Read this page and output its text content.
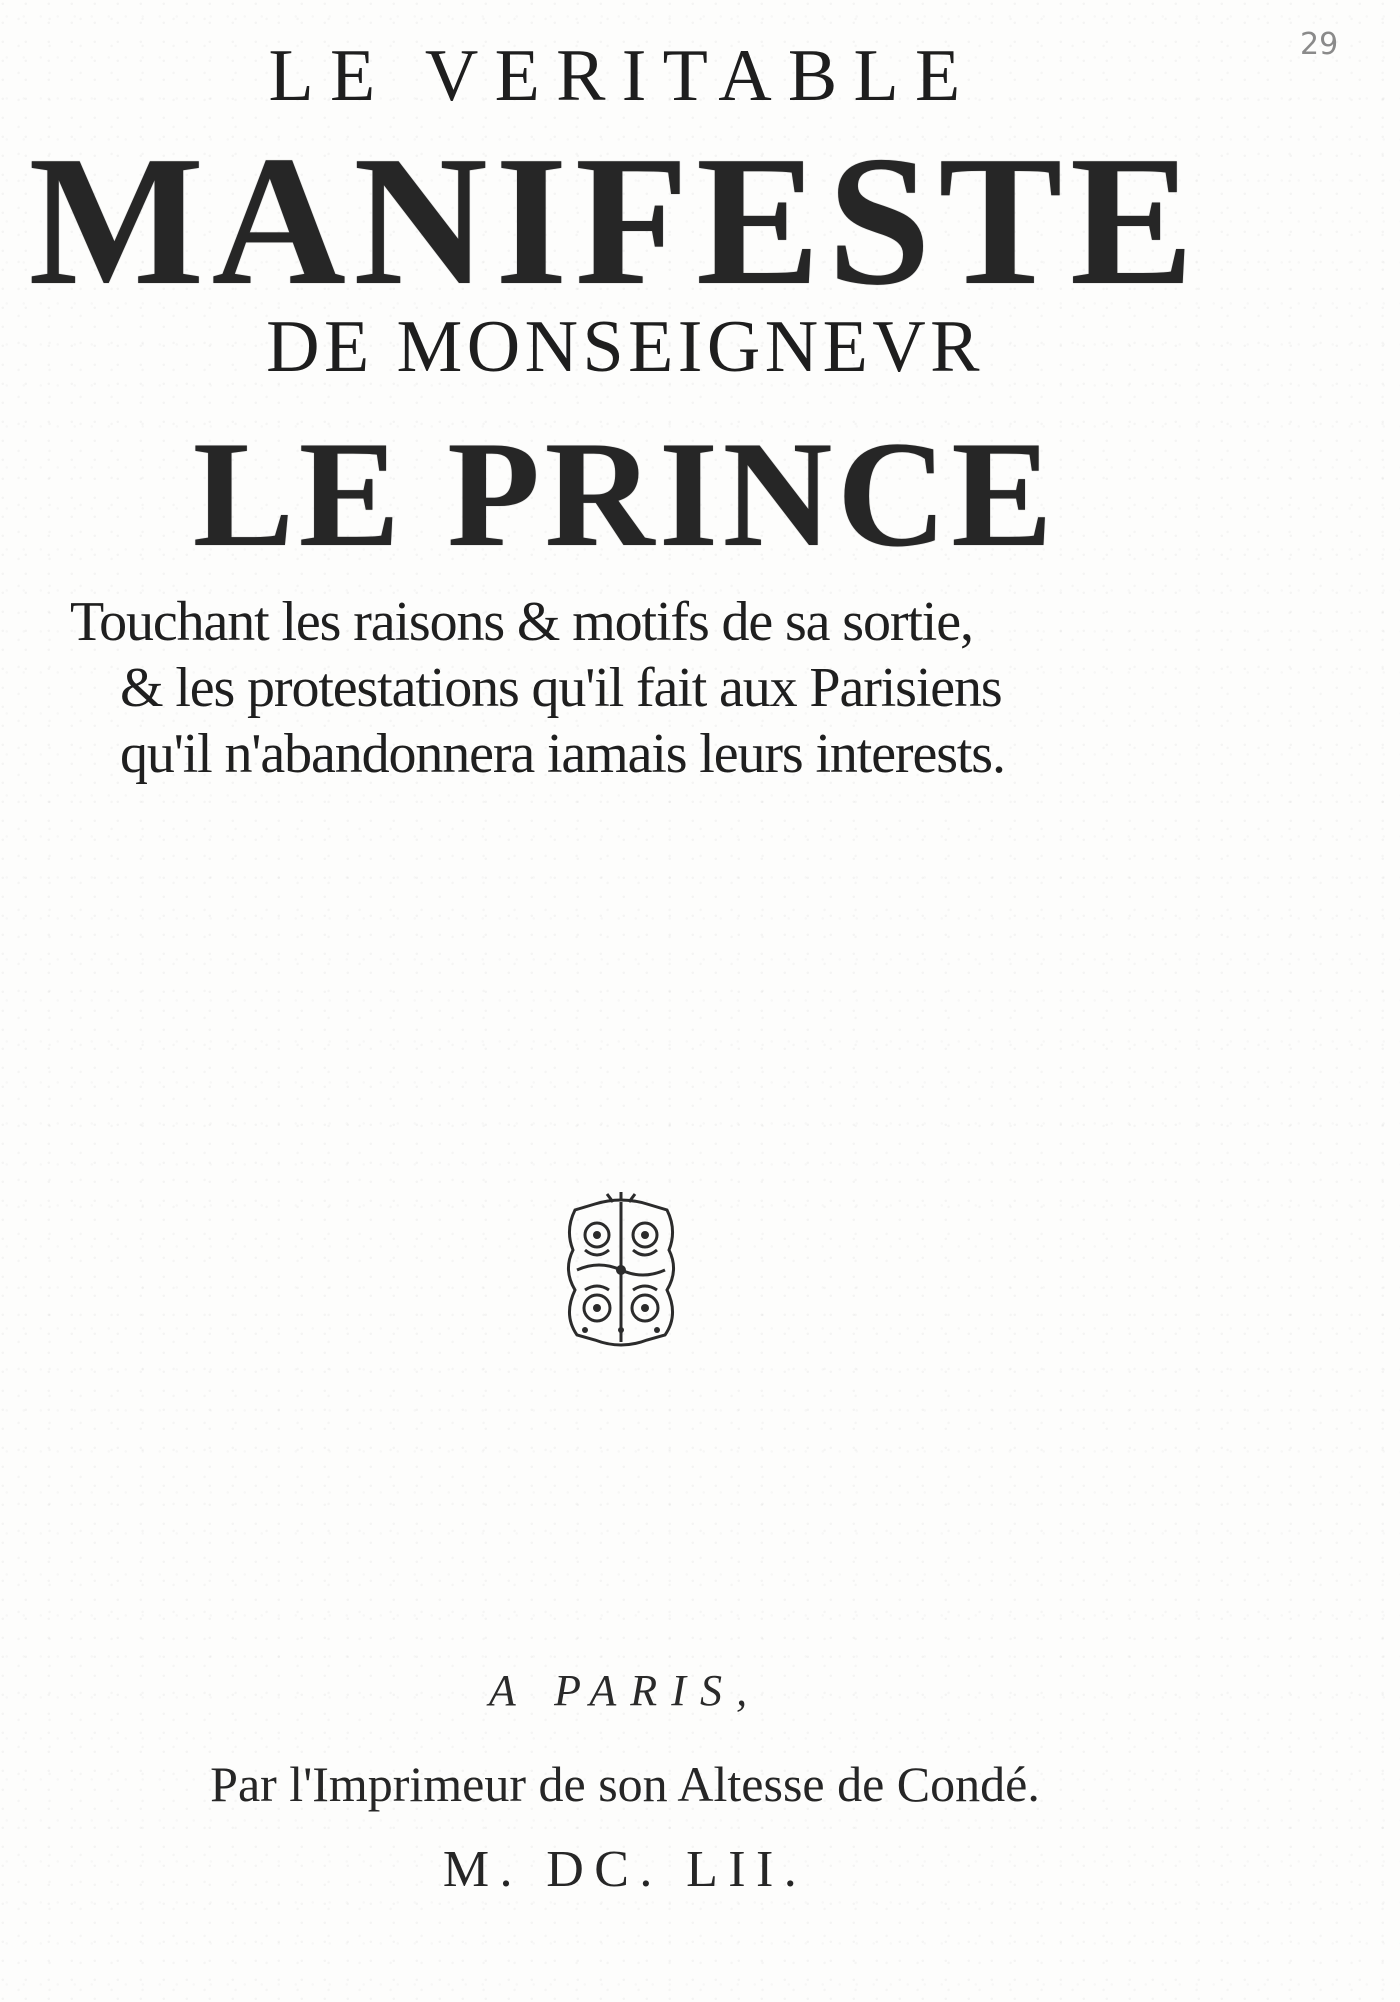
29
LE VERITABLE
MANIFESTE
DE MONSEIGNEVR
LE PRINCE
Touchant les raisons & motifs de sa sortie,
& les protestations qu'il fait aux Parisiens
qu'il n'abandonnera iamais leurs interests.
A PARIS,
Par l'Imprimeur de son Altesse de Condé.
M. DC. LII.
